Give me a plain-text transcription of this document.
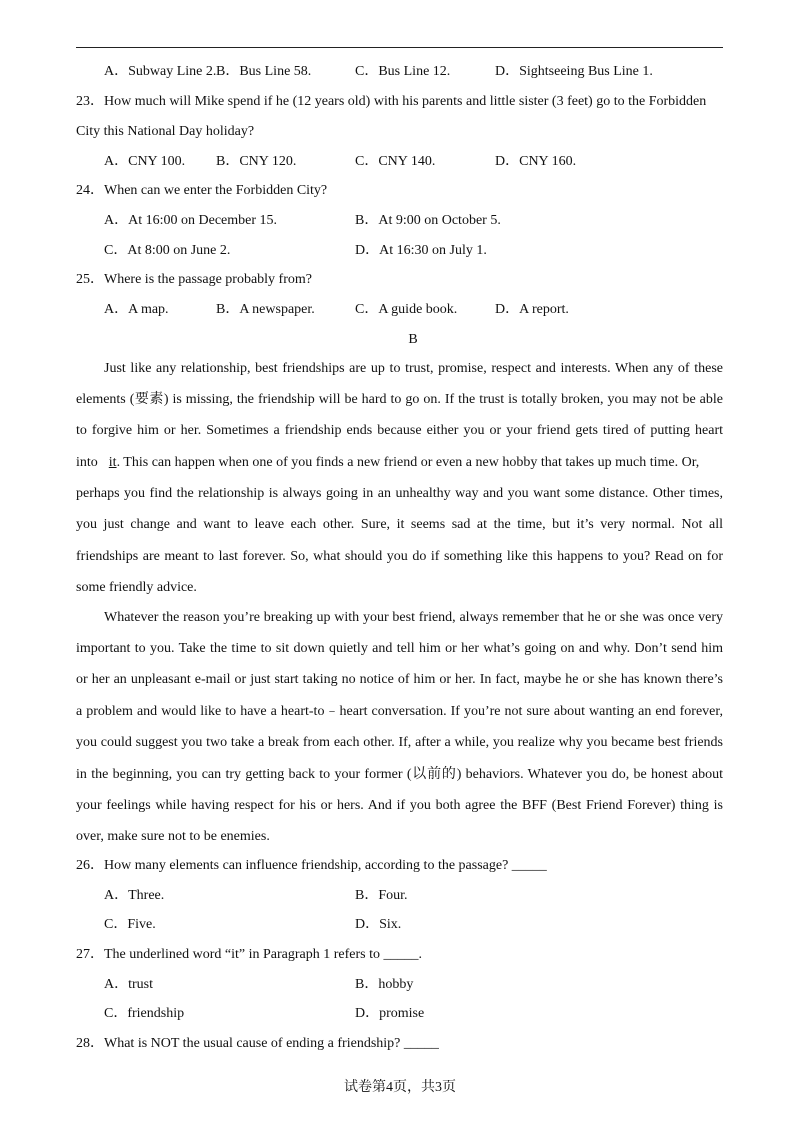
A．Subway Line 2. B．Bus Line 58.	C．Bus Line 12.	D．Sightseeing Bus Line 1.
23．How much will Mike spend if he (12 years old) with his parents and little sister (3 feet) go to the Forbidden
City this National Day holiday?
A．CNY 100. B．CNY 120.	C．CNY 140.	D．CNY 160.
24．When can we enter the Forbidden City?
A．At 16:00 on December 15.	B．At 9:00 on October 5.
C．At 8:00 on June 2.	D．At 16:30 on July 1.
25．Where is the passage probably from?
A．A map.	B．A newspaper.	C．A guide book.	D．A report.
B
Just like any relationship, best friendships are up to trust, promise, respect and interests. When any of these
elements (要素) is missing, the friendship will be hard to go on. If the trust is totally broken, you may not be able
to forgive him or her. Sometimes a friendship ends because either you or your friend gets tired of putting heart
into it. This can happen when one of you finds a new friend or even a new hobby that takes up much time. Or,
perhaps you find the relationship is always going in an unhealthy way and you want some distance. Other times,
you just change and want to leave each other. Sure, it seems sad at the time, but it’s very normal. Not all
friendships are meant to last forever. So, what should you do if something like this happens to you? Read on for
some friendly advice.
Whatever the reason you’re breaking up with your best friend, always remember that he or she was once very
important to you. Take the time to sit down quietly and tell him or her what’s going on and why. Don’t send him
or her an unpleasant e-mail or just start taking no notice of him or her. In fact, maybe he or she has known there’s
a problem and would like to have a heart-to﹣heart conversation. If you’re not sure about wanting an end forever,
you could suggest you two take a break from each other. If, after a while, you realize why you became best friends
in the beginning, you can try getting back to your former (以前的) behaviors. Whatever you do, be honest about
your feelings while having respect for his or hers. And if you both agree the BFF (Best Friend Forever) thing is
over, make sure not to be enemies.
26．How many elements can influence friendship, according to the passage? _____
A．Three.	B．Four.
C．Five.	D．Six.
27．The underlined word “it” in Paragraph 1 refers to _____.
A．trust	B．hobby
C．friendship	D．promise
28．What is NOT the usual cause of ending a friendship? _____
试卷第4页，共3页
